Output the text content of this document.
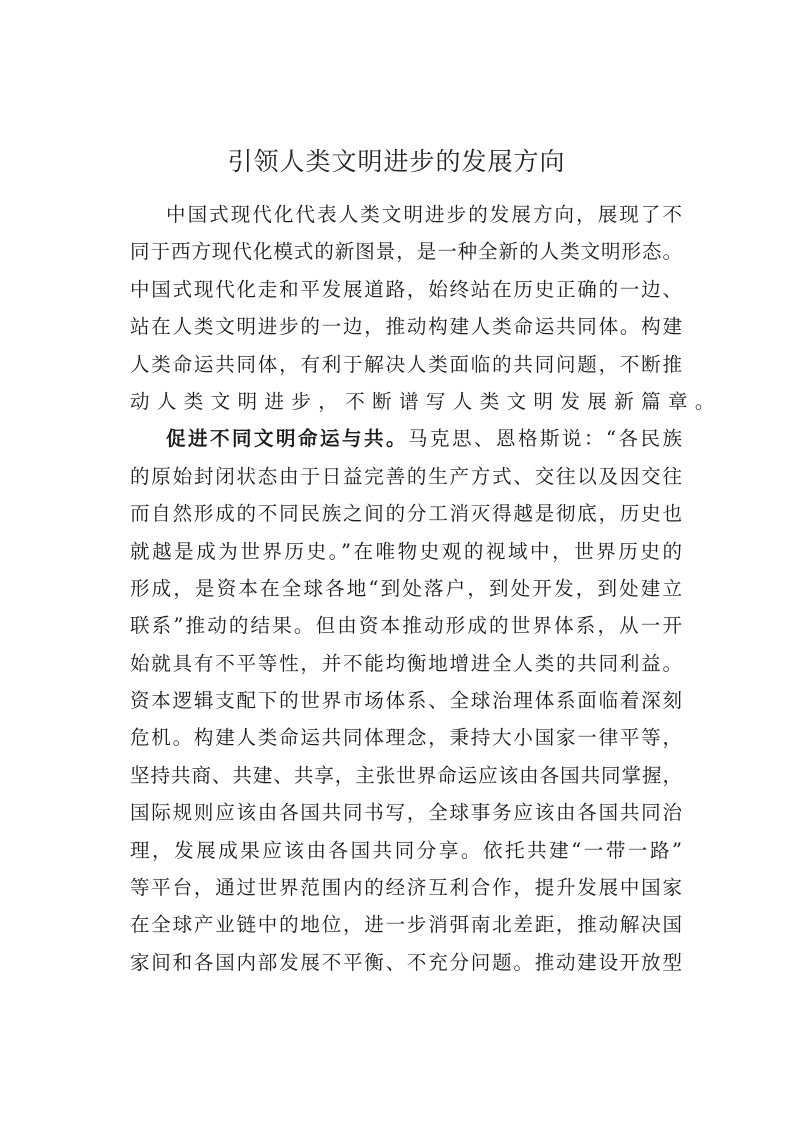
引领人类文明进步的发展方向
中国式现代化代表人类文明进步的发展方向，展现了不
同于西方现代化模式的新图景，是一种全新的人类文明形态。
中国式现代化走和平发展道路，始终站在历史正确的一边、
站在人类文明进步的一边，推动构建人类命运共同体。构建
人类命运共同体，有利于解决人类面临的共同问题，不断推
动人类文明进步，不断谱写人类文明发展新篇章。
促进不同文明命运与共。马克思、恩格斯说：“各民族
的原始封闭状态由于日益完善的生产方式、交往以及因交往
而自然形成的不同民族之间的分工消灭得越是彻底，历史也
就越是成为世界历史。”在唯物史观的视域中，世界历史的
形成，是资本在全球各地“到处落户，到处开发，到处建立
联系”推动的结果。但由资本推动形成的世界体系，从一开
始就具有不平等性，并不能均衡地增进全人类的共同利益。
资本逻辑支配下的世界市场体系、全球治理体系面临着深刻
危机。构建人类命运共同体理念，秉持大小国家一律平等，
坚持共商、共建、共享，主张世界命运应该由各国共同掌握，
国际规则应该由各国共同书写，全球事务应该由各国共同治
理，发展成果应该由各国共同分享。依托共建“一带一路”
等平台，通过世界范围内的经济互利合作，提升发展中国家
在全球产业链中的地位，进一步消弭南北差距，推动解决国
家间和各国内部发展不平衡、不充分问题。推动建设开放型
